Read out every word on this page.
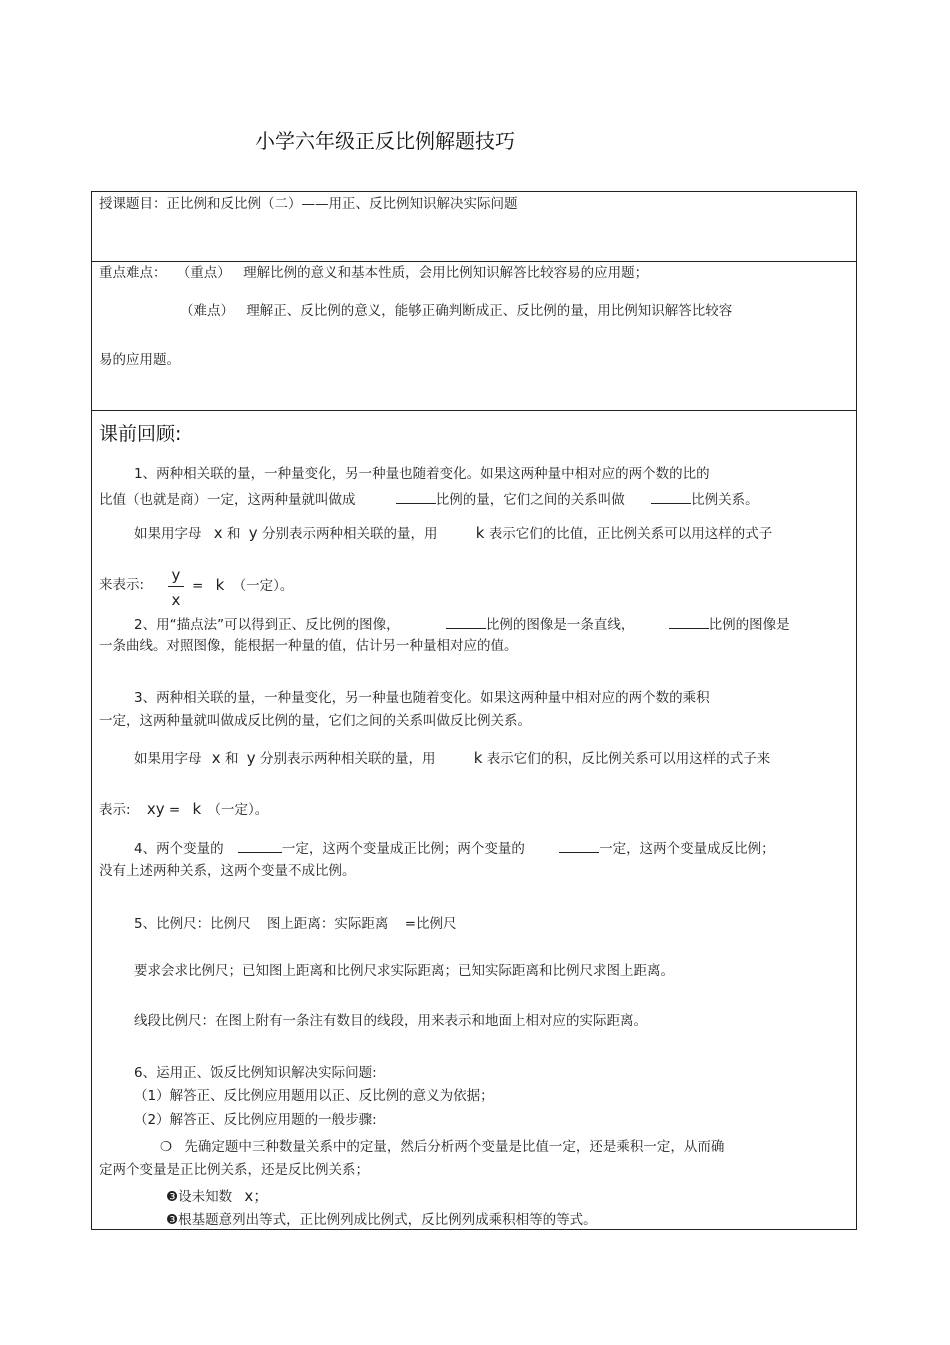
小学六年级正反比例解题技巧
授课题目：正比例和反比例（二）——用正、反比例知识解决实际问题
重点难点： （重点） 理解比例的意义和基本性质，会用比例知识解答比较容易的应用题；
（难点） 理解正、反比例的意义，能够正确判断成正、反比例的量，用比例知识解答比较容
易的应用题。
课前回顾:
1、两种相关联的量，一种量变化，另一种量也随着变化。如果这两种量中相对应的两个数的比的
比值（也就是商）一定，这两种量就叫做成	比例的量，它们之间的关系叫做	比例关系。
如果用字母 x 和 y 分别表示两种相关联的量，用	k 表示它们的比值，正比例关系可以用这样的式子
来表示:
y
x
= k （一定）。
2、用“描点法”可以得到正、反比例的图像，	比例的图像是一条直线，	比例的图像是
一条曲线。对照图像，能根据一种量的值，估计另一种量相对应的值。
3、两种相关联的量，一种量变化，另一种量也随着变化。如果这两种量中相对应的两个数的乘积
一定，这两种量就叫做成反比例的量，它们之间的关系叫做反比例关系。
如果用字母 x 和 y 分别表示两种相关联的量，用	k 表示它们的积，反比例关系可以用这样的式子来
表示: xy = k （一定）。
4、两个变量的	一定，这两个变量成正比例；两个变量的	一定，这两个变量成反比例；
没有上述两种关系，这两个变量不成比例。
5、比例尺：比例尺 图上距离：实际距离 =比例尺
要求会求比例尺；已知图上距离和比例尺求实际距离；已知实际距离和比例尺求图上距离。
线段比例尺：在图上附有一条注有数目的线段，用来表示和地面上相对应的实际距离。
6、运用正、饭反比例知识解决实际问题:
（1）解答正、反比例应用题用以正、反比例的意义为依据；
（2）解答正、反比例应用题的一般步骤:
❍ 先确定题中三种数量关系中的定量，然后分析两个变量是比值一定，还是乘积一定，从而确
定两个变量是正比例关系，还是反比例关系；
❸设未知数 x；
❸根基题意列出等式，正比例列成比例式，反比例列成乘积相等的等式。
